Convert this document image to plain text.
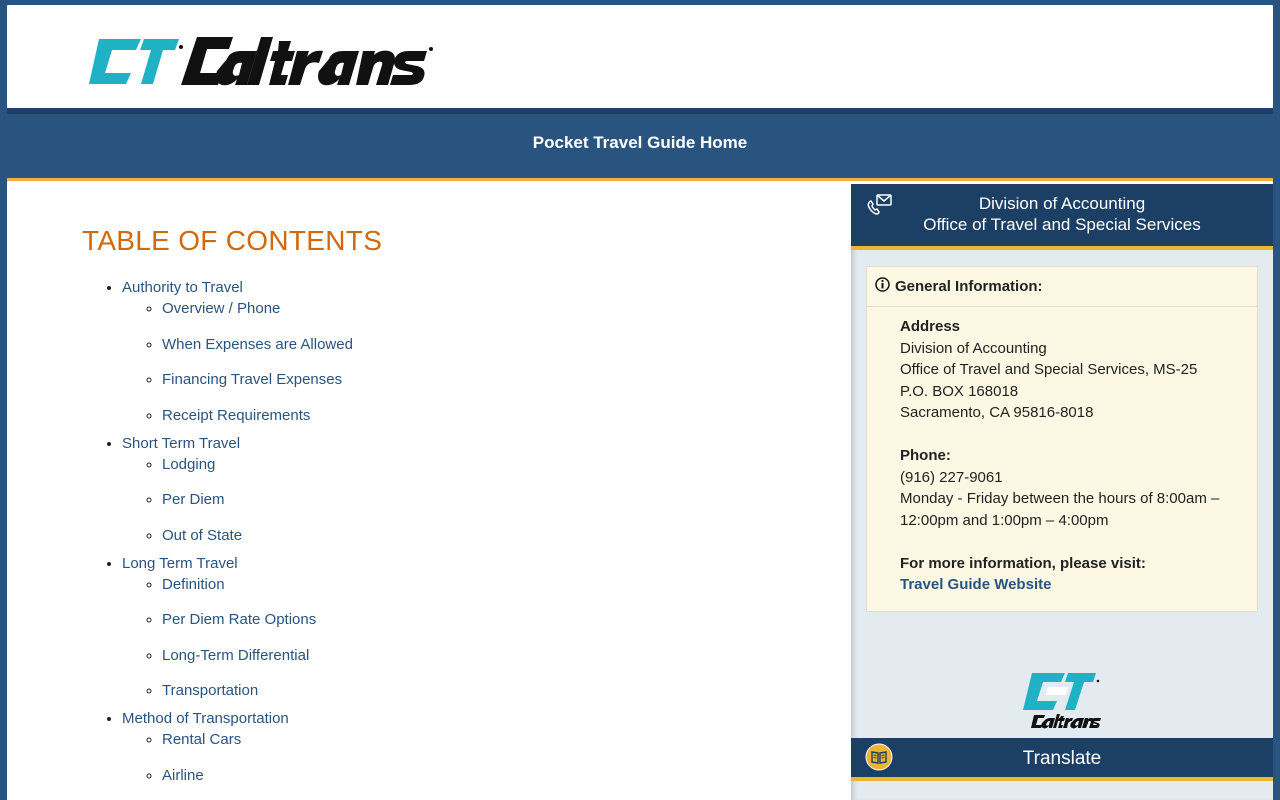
Pocket Travel Guide Home
TABLE OF CONTENTS
• Authority to Travel
◦ Overview / Phone
◦ When Expenses are Allowed
◦ Financing Travel Expenses
◦ Receipt Requirements
• Short Term Travel
◦ Lodging
◦ Per Diem
◦ Out of State
• Long Term Travel
◦ Definition
◦ Per Diem Rate Options
◦ Long-Term Differential
◦ Transportation
• Method of Transportation
◦ Rental Cars
◦ Airline
Division of Accounting
Office of Travel and Special Services
General Information:
Address
Division of Accounting
Office of Travel and Special Services, MS-25
P.O. BOX 168018
Sacramento, CA 95816-8018
Phone:
(916) 227-9061
Monday - Friday between the hours of 8:00am – 12:00pm and 1:00pm – 4:00pm
For more information, please visit:
Travel Guide Website
Translate
